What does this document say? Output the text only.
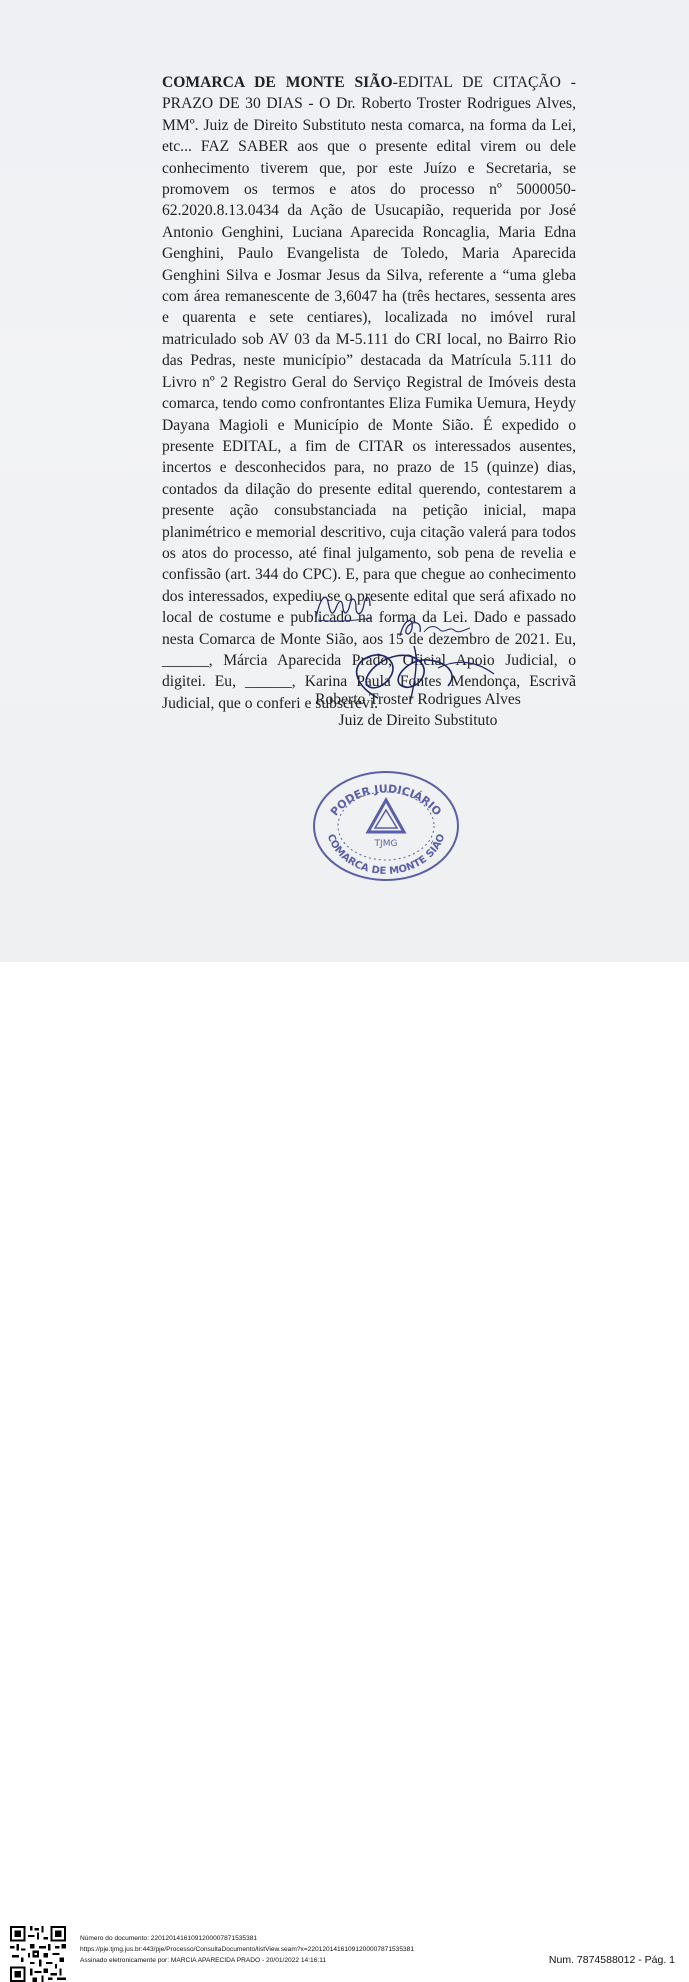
COMARCA DE MONTE SIÃO-EDITAL DE CITAÇÃO - PRAZO DE 30 DIAS - O Dr. Roberto Troster Rodrigues Alves, MMº. Juiz de Direito Substituto nesta comarca, na forma da Lei, etc... FAZ SABER aos que o presente edital virem ou dele conhecimento tiverem que, por este Juízo e Secretaria, se promovem os termos e atos do processo nº 5000050-62.2020.8.13.0434 da Ação de Usucapião, requerida por José Antonio Genghini, Luciana Aparecida Roncaglia, Maria Edna Genghini, Paulo Evangelista de Toledo, Maria Aparecida Genghini Silva e Josmar Jesus da Silva, referente a “uma gleba com área remanescente de 3,6047 ha (três hectares, sessenta ares e quarenta e sete centiares), localizada no imóvel rural matriculado sob AV 03 da M-5.111 do CRI local, no Bairro Rio das Pedras, neste município” destacada da Matrícula 5.111 do Livro nº 2 Registro Geral do Serviço Registral de Imóveis desta comarca, tendo como confrontantes Eliza Fumika Uemura, Heydy Dayana Magioli e Município de Monte Sião. É expedido o presente EDITAL, a fim de CITAR os interessados ausentes, incertos e desconhecidos para, no prazo de 15 (quinze) dias, contados da dilação do presente edital querendo, contestarem a presente ação consubstanciada na petição inicial, mapa planimétrico e memorial descritivo, cuja citação valerá para todos os atos do processo, até final julgamento, sob pena de revelia e confissão (art. 344 do CPC). E, para que chegue ao conhecimento dos interessados, expediu-se o presente edital que será afixado no local de costume e publicado na forma da Lei. Dado e passado nesta Comarca de Monte Sião, aos 15 de dezembro de 2021. Eu, ______, Márcia Aparecida Prado, Oficial Apoio Judicial, o digitei. Eu, ______, Karina Paula Fontes Mendonça, Escrivã Judicial, que o conferi e subscrevi.
Roberto Troster Rodrigues Alves
Juiz de Direito Substituto
PODER JUDICIÁRIO
COMARCA DE MONTE SIÃO
TJMG
Número do documento: 22012014161091200007871535381
https://pje.tjmg.jus.br:443/pje/Processo/ConsultaDocumento/listView.seam?x=22012014161091200007871535381
Assinado eletronicamente por: MARCIA APARECIDA PRADO - 20/01/2022 14:16:11	Num. 7874588012 - Pág. 1
